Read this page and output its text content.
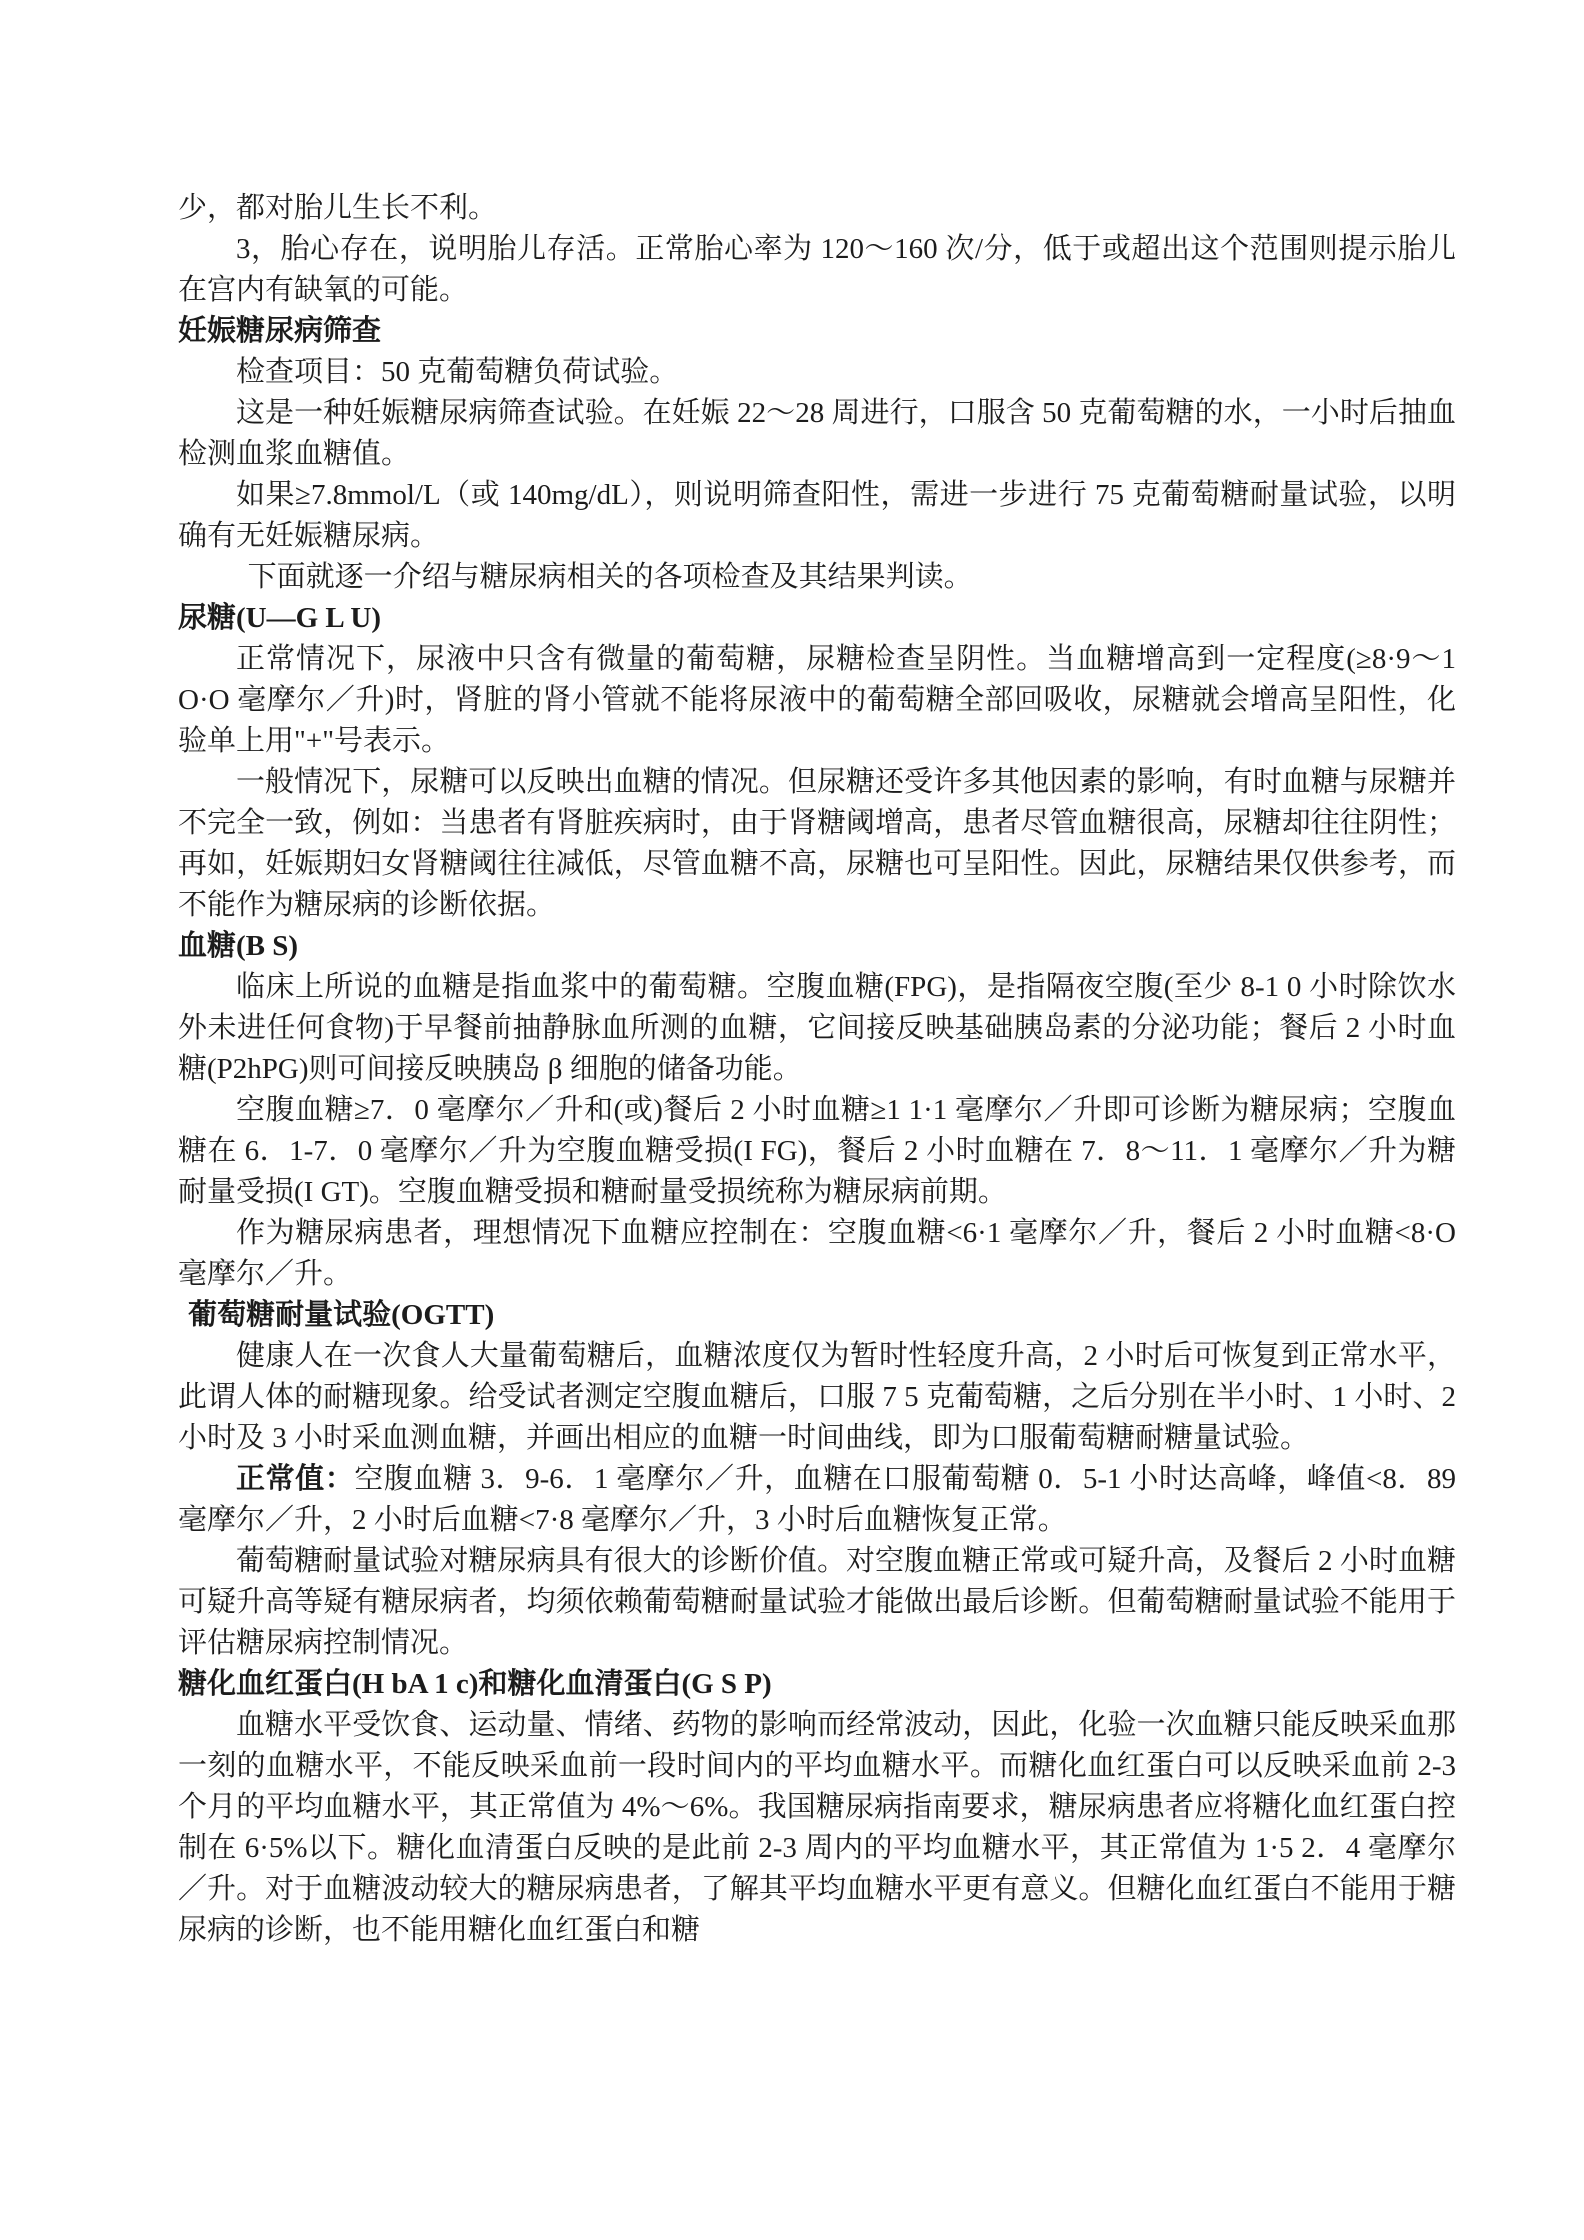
少，都对胎儿生长不利。

3，胎心存在，说明胎儿存活。正常胎心率为 120～160 次/分，低于或超出这个范围则提示胎儿在宫内有缺氧的可能。

妊娠糖尿病筛查

检查项目：50 克葡萄糖负荷试验。

这是一种妊娠糖尿病筛查试验。在妊娠 22～28 周进行，口服含 50 克葡萄糖的水，一小时后抽血检测血浆血糖值。

如果≥7.8mmol/L（或 140mg/dL），则说明筛查阳性，需进一步进行 75 克葡萄糖耐量试验，以明确有无妊娠糖尿病。

下面就逐一介绍与糖尿病相关的各项检查及其结果判读。

尿糖(U—G L U)

正常情况下，尿液中只含有微量的葡萄糖，尿糖检查呈阴性。当血糖增高到一定程度(≥8·9～1 O·O 毫摩尔／升)时，肾脏的肾小管就不能将尿液中的葡萄糖全部回吸收，尿糖就会增高呈阳性，化验单上用"+"号表示。

一般情况下，尿糖可以反映出血糖的情况。但尿糖还受许多其他因素的影响，有时血糖与尿糖并不完全一致，例如：当患者有肾脏疾病时，由于肾糖阈增高，患者尽管血糖很高，尿糖却往往阴性；再如，妊娠期妇女肾糖阈往往减低，尽管血糖不高，尿糖也可呈阳性。因此，尿糖结果仅供参考，而不能作为糖尿病的诊断依据。

血糖(B S)

临床上所说的血糖是指血浆中的葡萄糖。空腹血糖(FPG)，是指隔夜空腹(至少 8-1 0 小时除饮水外未进任何食物)于早餐前抽静脉血所测的血糖，它间接反映基础胰岛素的分泌功能；餐后 2 小时血糖(P2hPG)则可间接反映胰岛 β 细胞的储备功能。

空腹血糖≥7．0 毫摩尔／升和(或)餐后 2 小时血糖≥1 1·1 毫摩尔／升即可诊断为糖尿病；空腹血糖在 6．1-7．0 毫摩尔／升为空腹血糖受损(I FG)，餐后 2 小时血糖在 7．8～11．1 毫摩尔／升为糖耐量受损(I GT)。空腹血糖受损和糖耐量受损统称为糖尿病前期。

作为糖尿病患者，理想情况下血糖应控制在：空腹血糖<6·1 毫摩尔／升，餐后 2 小时血糖<8·O 毫摩尔／升。

葡萄糖耐量试验(OGTT)

健康人在一次食人大量葡萄糖后，血糖浓度仅为暂时性轻度升高，2 小时后可恢复到正常水平，此谓人体的耐糖现象。给受试者测定空腹血糖后，口服 7 5 克葡萄糖，之后分别在半小时、1 小时、2 小时及 3 小时采血测血糖，并画出相应的血糖一时间曲线，即为口服葡萄糖耐糖量试验。

正常值：空腹血糖 3．9-6．1 毫摩尔／升，血糖在口服葡萄糖 0．5-1 小时达高峰，峰值<8．89 毫摩尔／升，2 小时后血糖<7·8 毫摩尔／升，3 小时后血糖恢复正常。

葡萄糖耐量试验对糖尿病具有很大的诊断价值。对空腹血糖正常或可疑升高，及餐后 2 小时血糖可疑升高等疑有糖尿病者，均须依赖葡萄糖耐量试验才能做出最后诊断。但葡萄糖耐量试验不能用于评估糖尿病控制情况。

糖化血红蛋白(H bA 1 c)和糖化血清蛋白(G S P)

血糖水平受饮食、运动量、情绪、药物的影响而经常波动，因此，化验一次血糖只能反映采血那一刻的血糖水平，不能反映采血前一段时间内的平均血糖水平。而糖化血红蛋白可以反映采血前 2-3 个月的平均血糖水平，其正常值为 4%～6%。我国糖尿病指南要求，糖尿病患者应将糖化血红蛋白控制在 6·5%以下。糖化血清蛋白反映的是此前 2-3 周内的平均血糖水平，其正常值为 1·5 2．4 毫摩尔／升。对于血糖波动较大的糖尿病患者，了解其平均血糖水平更有意义。但糖化血红蛋白不能用于糖尿病的诊断，也不能用糖化血红蛋白和糖
